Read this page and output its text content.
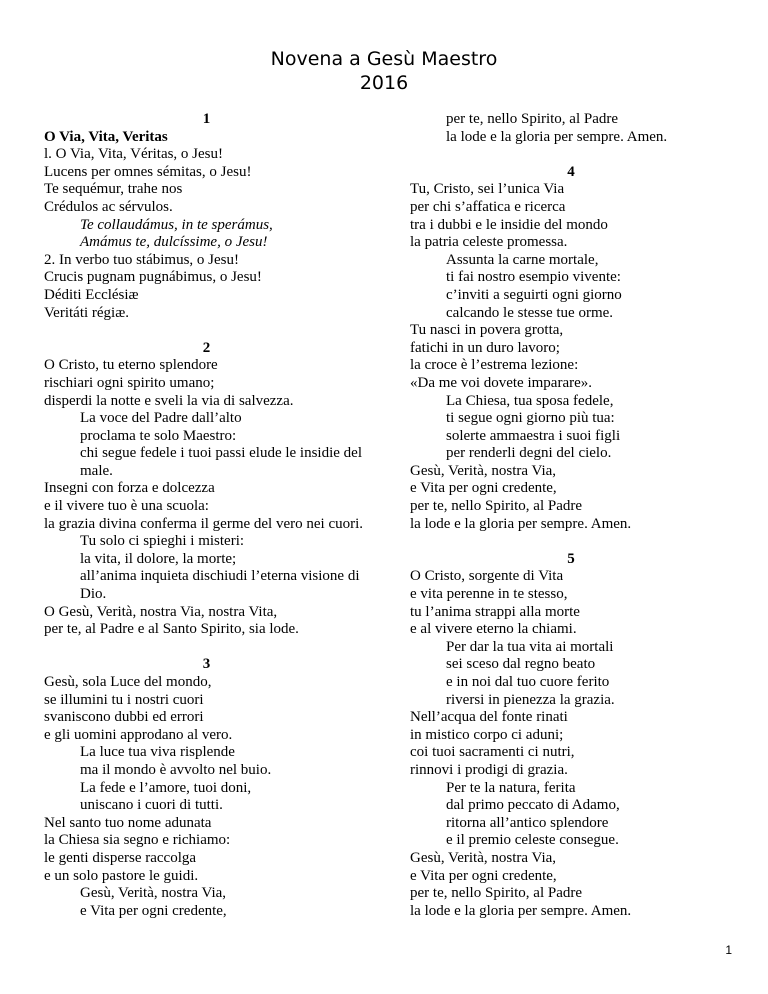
Novena a Gesù Maestro
2016
1
O Via, Vita, Veritas
l. O Via, Vita, Véritas, o Jesu!
Lucens per omnes sémitas, o Jesu!
Te sequémur, trahe nos
Crédulos ac sérvulos.
Te collaudámus, in te sperámus,
Amámus te, dulcíssime, o Jesu!
2. In verbo tuo stábimus, o Jesu!
Crucis pugnam pugnábimus, o Jesu!
Déditi Ecclésiæ
Veritáti régiæ.
2
O Cristo, tu eterno splendore
rischiari ogni spirito umano;
disperdi la notte e sveli la via di salvezza.
La voce del Padre dall’alto
proclama te solo Maestro:
chi segue fedele i tuoi passi elude le insidie del male.
Insegni con forza e dolcezza
e il vivere tuo è una scuola:
la grazia divina conferma il germe del vero nei cuori.
Tu solo ci spieghi i misteri:
la vita, il dolore, la morte;
all’anima inquieta dischiudi l’eterna visione di Dio.
O Gesù, Verità, nostra Via, nostra Vita,
per te, al Padre e al Santo Spirito, sia lode.
3
Gesù, sola Luce del mondo,
se illumini tu i nostri cuori
svaniscono dubbi ed errori
e gli uomini approdano al vero.
La luce tua viva risplende
ma il mondo è avvolto nel buio.
La fede e l’amore, tuoi doni,
uniscano i cuori di tutti.
Nel santo tuo nome adunata
la Chiesa sia segno e richiamo:
le genti disperse raccolga
e un solo pastore le guidi.
Gesù, Verità, nostra Via,
e Vita per ogni credente,
per te, nello Spirito, al Padre
la lode e la gloria per sempre. Amen.
4
Tu, Cristo, sei l’unica Via
per chi s’affatica e ricerca
tra i dubbi e le insidie del mondo
la patria celeste promessa.
Assunta la carne mortale,
ti fai nostro esempio vivente:
c’inviti a seguirti ogni giorno
calcando le stesse tue orme.
Tu nasci in povera grotta,
fatichi in un duro lavoro;
la croce è l’estrema lezione:
«Da me voi dovete imparare».
La Chiesa, tua sposa fedele,
ti segue ogni giorno più tua:
solerte ammaestra i suoi figli
per renderli degni del cielo.
Gesù, Verità, nostra Via,
e Vita per ogni credente,
per te, nello Spirito, al Padre
la lode e la gloria per sempre. Amen.
5
O Cristo, sorgente di Vita
e vita perenne in te stesso,
tu l’anima strappi alla morte
e al vivere eterno la chiami.
Per dar la tua vita ai mortali
sei sceso dal regno beato
e in noi dal tuo cuore ferito
riversi in pienezza la grazia.
Nell’acqua del fonte rinati
in mistico corpo ci aduni;
coi tuoi sacramenti ci nutri,
rinnovi i prodigi di grazia.
Per te la natura, ferita
dal primo peccato di Adamo,
ritorna all’antico splendore
e il premio celeste consegue.
Gesù, Verità, nostra Via,
e Vita per ogni credente,
per te, nello Spirito, al Padre
la lode e la gloria per sempre. Amen.
1
